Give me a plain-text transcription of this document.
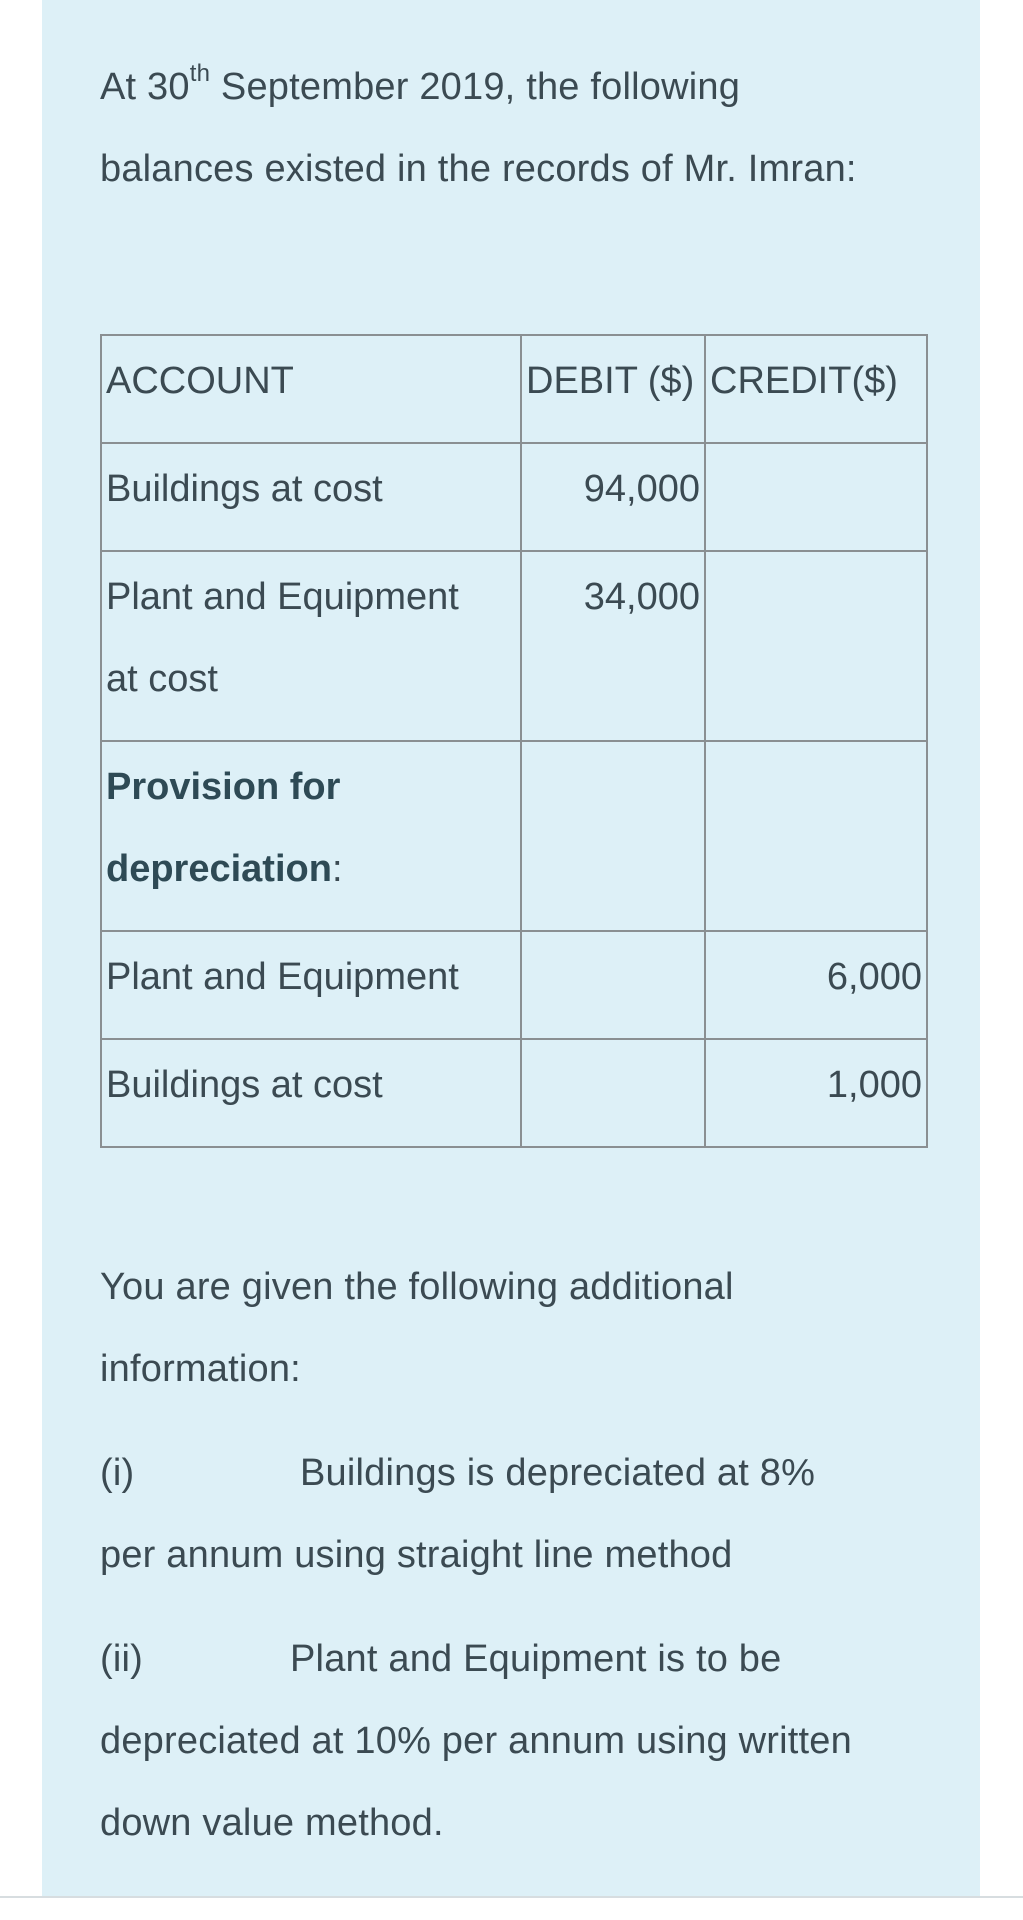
At 30th September 2019, the following

balances existed in the records of Mr. Imran:

ACCOUNT	DEBIT ($)	CREDIT($)

Buildings at cost	94,000	

Plant and Equipment
at cost	34,000	

Provision for
depreciation:		

Plant and Equipment		6,000

Buildings at cost		1,000

You are given the following additional

information:

(i)	Buildings is depreciated at 8%

per annum using straight line method

(ii)	Plant and Equipment is to be

depreciated at 10% per annum using written

down value method.
